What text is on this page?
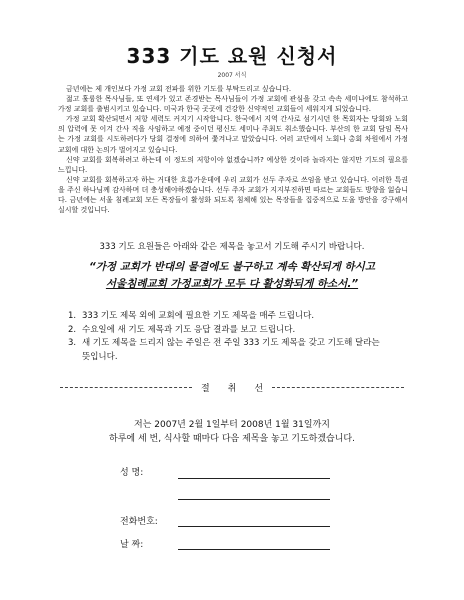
333 기도 요원 신청서
2007 서식

금년에는 제 개인보다 가정 교회 전파를 위한 기도를 부탁드리고 싶습니다.

젊고 훌륭한 목사님들, 또 연세가 있고 존경받는 목사님들이 가정 교회에 관심을 갖고 속속 세미나에도 참석하고 가정 교회를 출범시키고 있습니다. 미국과 한국 곳곳에 건강한 신약적인 교회들이 세워지게 되었습니다.

가정 교회 확산되면서 저항 세력도 커지기 시작합니다. 한국에서 지역 간사로 섬기시던 한 목회자는 당회와 노회의 압력에 못 이겨 간사 직을 사임하고 예정 중이던 평신도 세미나 주최도 취소했습니다. 부산의 한 교회 담임 목사는 가정 교회를 시도하려다가 당회 결정에 의하여 쫓겨나고 말았습니다. 여러 교단에서 노회나 총회 차원에서 가정 교회에 대한 논의가 벌어지고 있습니다.

신약 교회를 회복하려고 하는데 이 정도의 저항이야 없겠습니까? 예상한 것이라 놀라지는 않지만 기도의 필요를 느낍니다.

신약 교회를 회복하고자 하는 거대한 흐름가운데에 우리 교회가 선두 주자로 쓰임을 받고 있습니다. 이러한 특권을 주신 하나님께 감사하며 더 충성해야하겠습니다. 선두 주자 교회가 지지부진하면 따르는 교회들도 방향을 잃습니다. 금년에는 서울 침례교회 모든 목장들이 활성화 되도록 침체해 있는 목장들을 집중적으로 도울 방안을 강구해서 실시할 것입니다.

333 기도 요원들은 아래와 같은 제목을 놓고서 기도해 주시기 바랍니다.
“가정 교회가 반대의 물결에도 불구하고 계속 확산되게 하시고
서울침례교회 가정교회가 모두 다 활성화되게 하소서.”
1. 333 기도 제목 외에 교회에 필요한 기도 제목을 매주 드립니다.
2. 수요일에 새 기도 제목과 기도 응답 결과를 보고 드립니다.
3. 새 기도 제목을 드리지 않는 주일은 전 주일 333 기도 제목을 갖고 기도해 달라는 뜻입니다.
절	취	선
저는 2007년 2월 1일부터 2008년 1월 31일까지
하루에 세 번, 식사할 때마다 다음 제목을 놓고 기도하겠습니다.
성 명:
전화번호:
날 짜:
